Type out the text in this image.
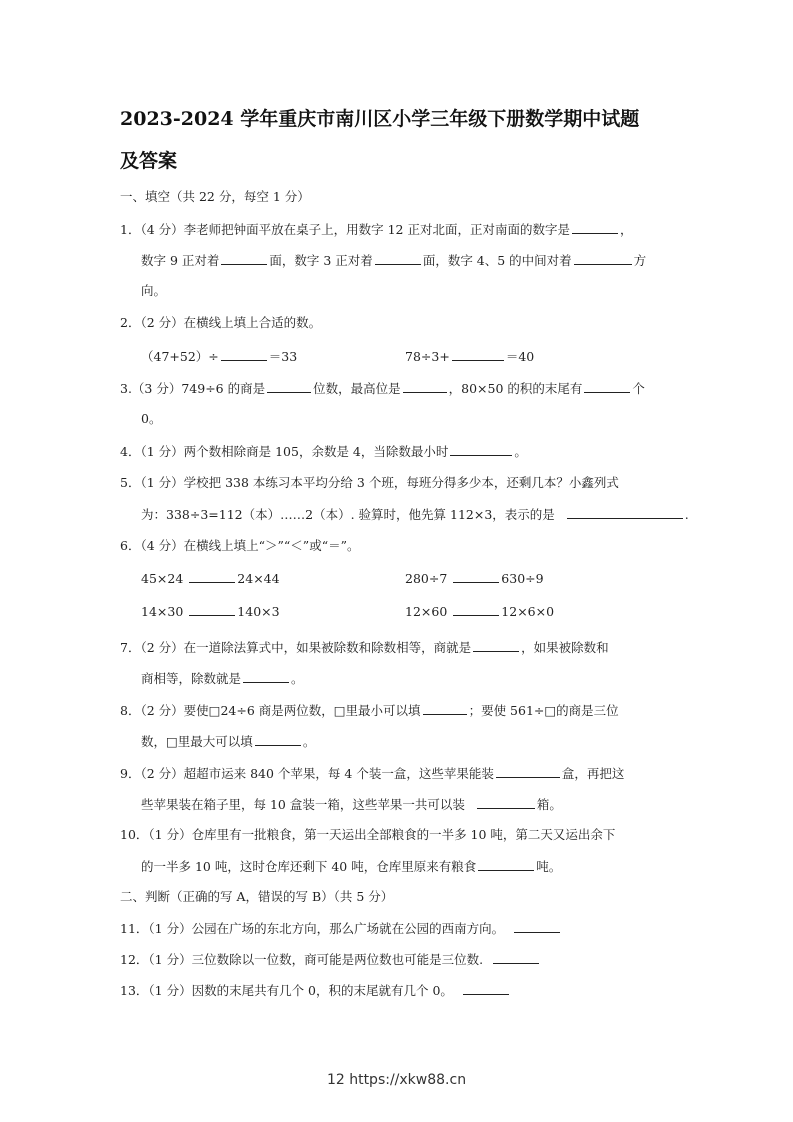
2023-2024 学年重庆市南川区小学三年级下册数学期中试题
及答案
一、填空（共 22 分，每空 1 分）
1．（4 分）李老师把钟面平放在桌子上，用数字 12 正对北面，正对南面的数字是	，
数字 9 正对着	面，数字 3 正对着	面，数字 4、5 的中间对着	方
向。
2．（2 分）在横线上填上合适的数。
（47+52）÷	＝33	78÷3+	＝40
3.（3 分）749÷6 的商是	位数，最高位是	，80×50 的积的末尾有	个
0。
4．（1 分）两个数相除商是 105，余数是 4，当除数最小时	。
5．（1 分）学校把 338 本练习本平均分给 3 个班，每班分得多少本，还剩几本？小鑫列式
为：338÷3=112（本）……2（本）. 验算时，他先算 112×3，表示的是	.
6．（4 分）在横线上填上“＞”“＜”或“＝”。
45×24	24×44	280÷7	630÷9
14×30	140×3	12×60	12×6×0
7．（2 分）在一道除法算式中，如果被除数和除数相等，商就是	，如果被除数和
商相等，除数就是	。
8．（2 分）要使□24÷6 商是两位数，□里最小可以填	；要使 561÷□的商是三位
数，□里最大可以填	。
9．（2 分）超超市运来 840 个苹果，每 4 个装一盒，这些苹果能装	盒，再把这
些苹果装在箱子里，每 10 盒装一箱，这些苹果一共可以装	箱。
10．（1 分）仓库里有一批粮食，第一天运出全部粮食的一半多 10 吨，第二天又运出余下
的一半多 10 吨，这时仓库还剩下 40 吨，仓库里原来有粮食	吨。
二、判断（正确的写 A，错误的写 B）（共 5 分）
11．（1 分）公园在广场的东北方向，那么广场就在公园的西南方向。
12．（1 分）三位数除以一位数，商可能是两位数也可能是三位数.
13．（1 分）因数的末尾共有几个 0，积的末尾就有几个 0。
12 https://xkw88.cn
